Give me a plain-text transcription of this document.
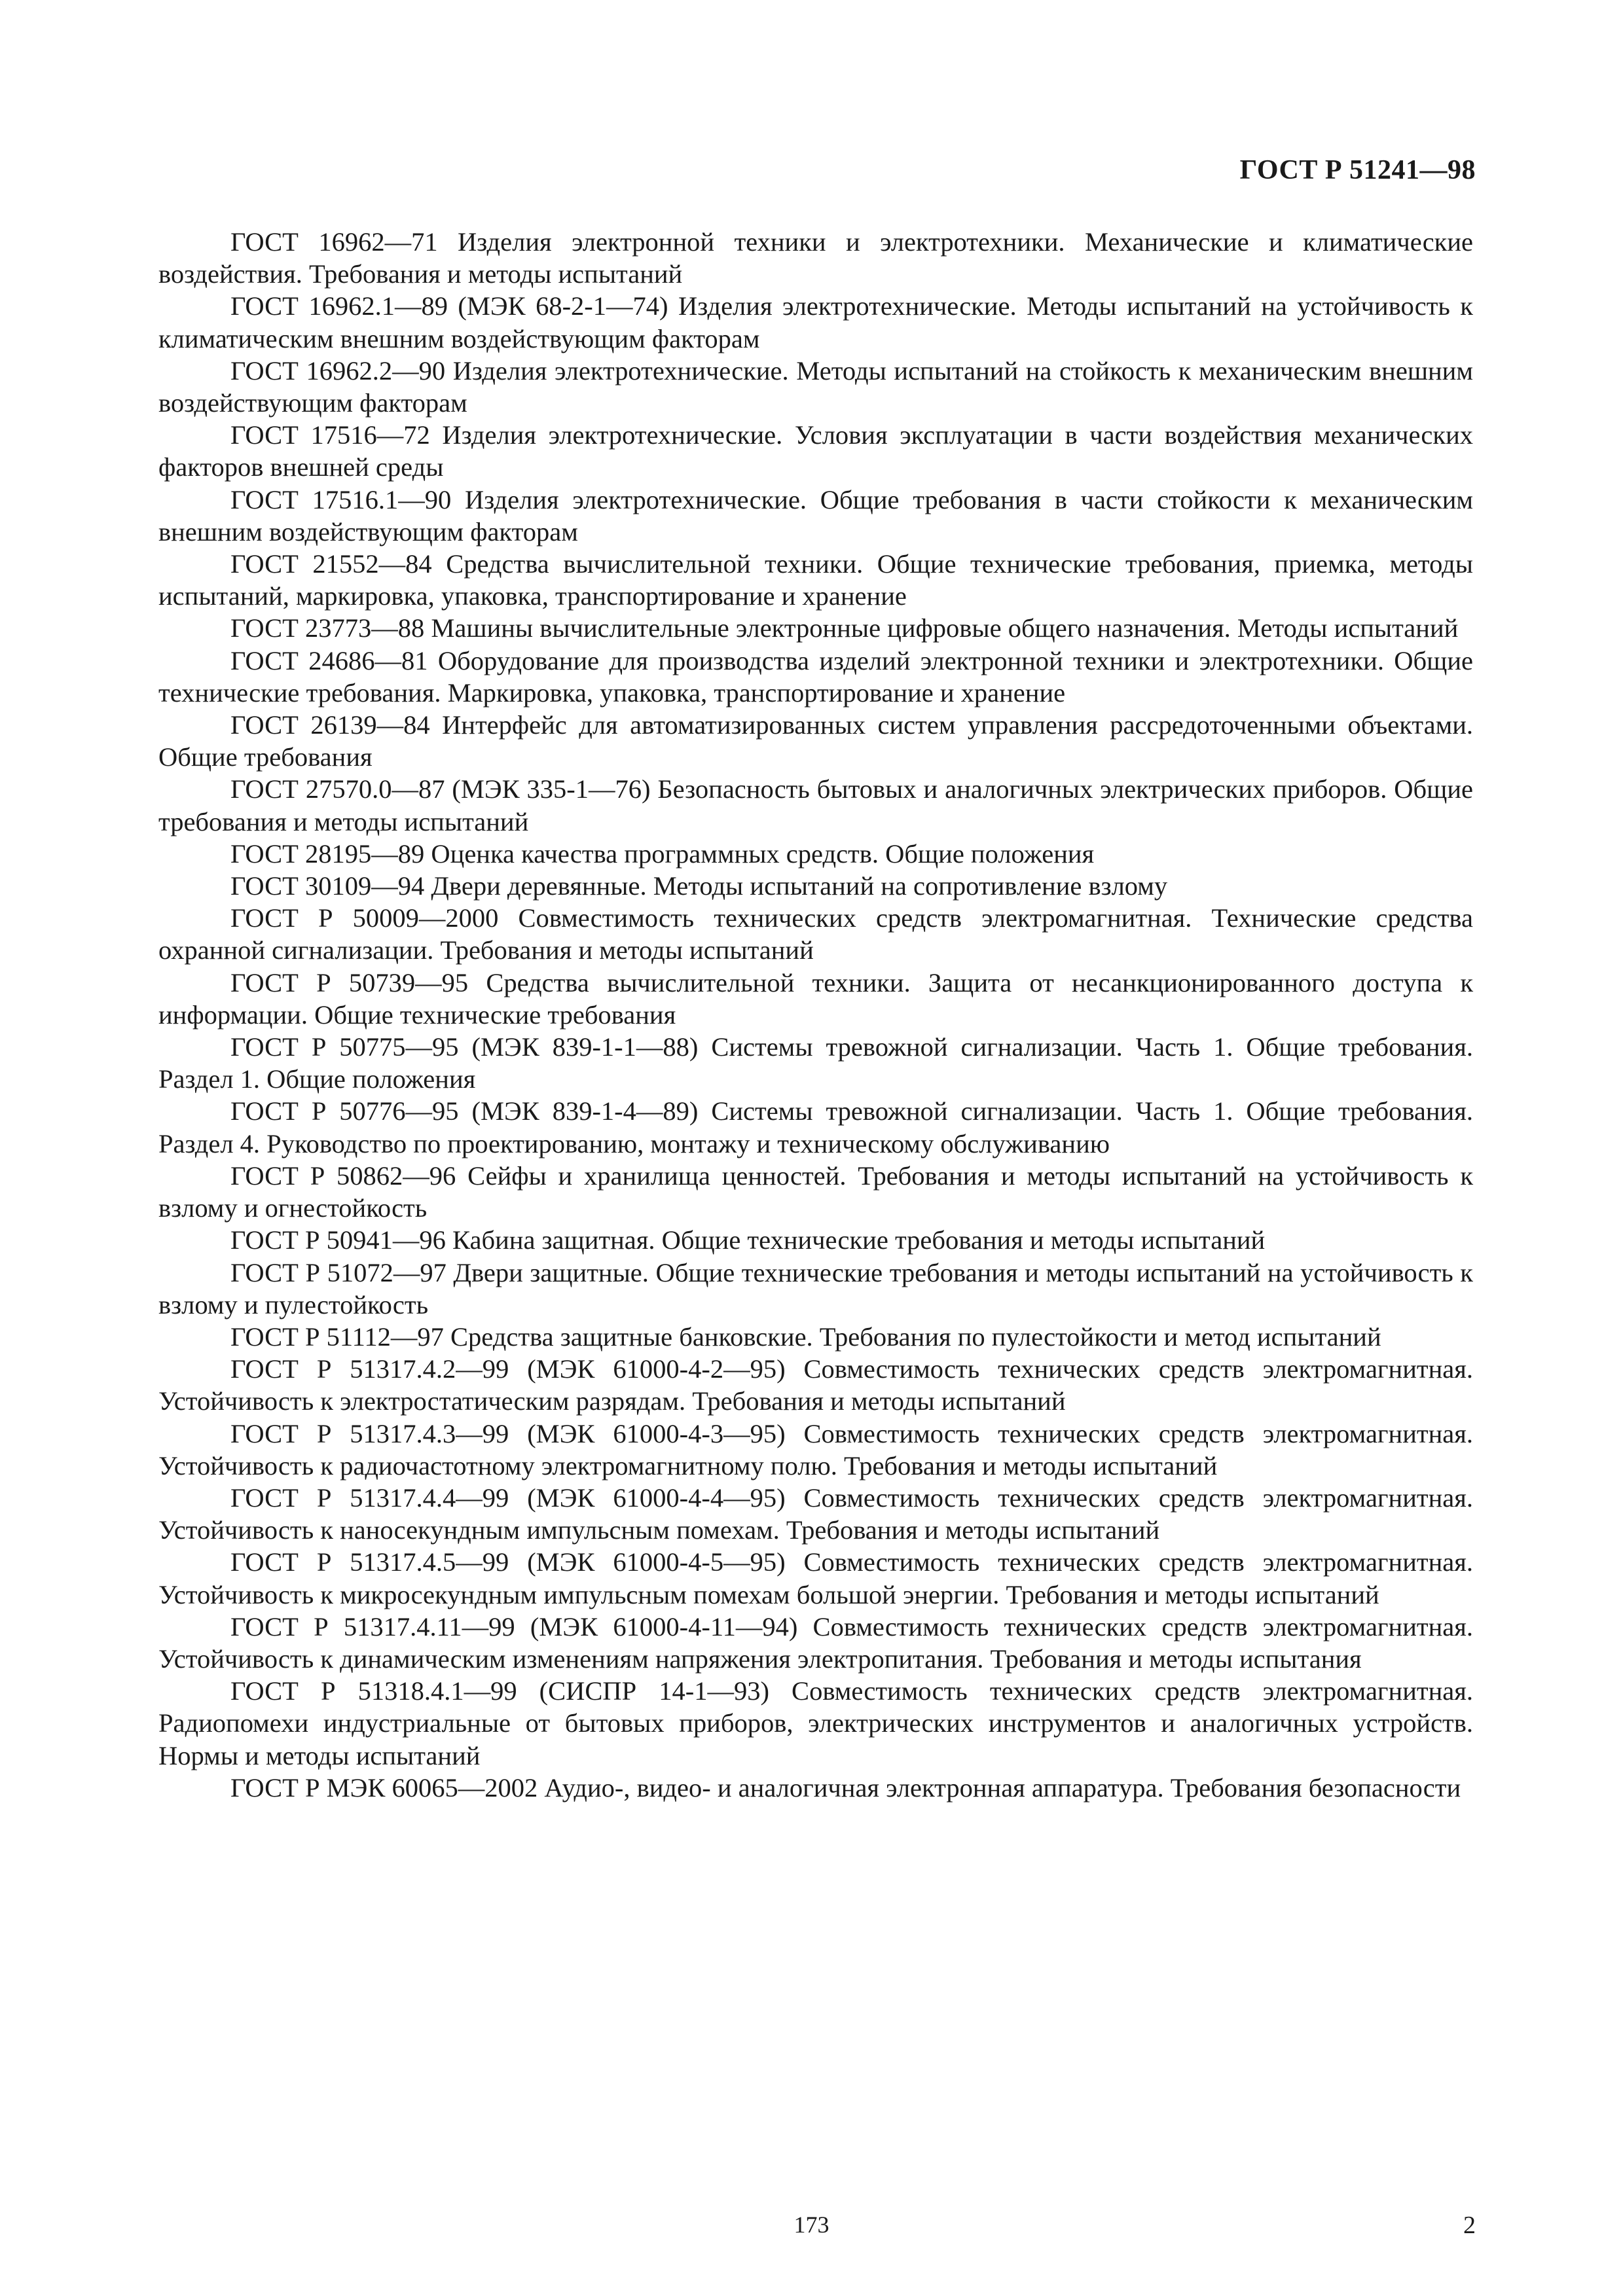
ГОСТ Р 51241—98
ГОСТ 16962—71 Изделия электронной техники и электротехники. Механические и климатические воздействия. Требования и методы испытаний
ГОСТ 16962.1—89 (МЭК 68-2-1—74) Изделия электротехнические. Методы испытаний на устойчивость к климатическим внешним воздействующим факторам
ГОСТ 16962.2—90 Изделия электротехнические. Методы испытаний на стойкость к механическим внешним воздействующим факторам
ГОСТ 17516—72 Изделия электротехнические. Условия эксплуатации в части воздействия механических факторов внешней среды
ГОСТ 17516.1—90 Изделия электротехнические. Общие требования в части стойкости к механическим внешним воздействующим факторам
ГОСТ 21552—84 Средства вычислительной техники. Общие технические требования, приемка, методы испытаний, маркировка, упаковка, транспортирование и хранение
ГОСТ 23773—88 Машины вычислительные электронные цифровые общего назначения. Методы испытаний
ГОСТ 24686—81 Оборудование для производства изделий электронной техники и электротехники. Общие технические требования. Маркировка, упаковка, транспортирование и хранение
ГОСТ 26139—84 Интерфейс для автоматизированных систем управления рассредоточенными объектами. Общие требования
ГОСТ 27570.0—87 (МЭК 335-1—76) Безопасность бытовых и аналогичных электрических приборов. Общие требования и методы испытаний
ГОСТ 28195—89 Оценка качества программных средств. Общие положения
ГОСТ 30109—94 Двери деревянные. Методы испытаний на сопротивление взлому
ГОСТ Р 50009—2000 Совместимость технических средств электромагнитная. Технические средства охранной сигнализации. Требования и методы испытаний
ГОСТ Р 50739—95 Средства вычислительной техники. Защита от несанкционированного доступа к информации. Общие технические требования
ГОСТ Р 50775—95 (МЭК 839-1-1—88) Системы тревожной сигнализации. Часть 1. Общие требования. Раздел 1. Общие положения
ГОСТ Р 50776—95 (МЭК 839-1-4—89) Системы тревожной сигнализации. Часть 1. Общие требования. Раздел 4. Руководство по проектированию, монтажу и техническому обслуживанию
ГОСТ Р 50862—96 Сейфы и хранилища ценностей. Требования и методы испытаний на устойчивость к взлому и огнестойкость
ГОСТ Р 50941—96 Кабина защитная. Общие технические требования и методы испытаний
ГОСТ Р 51072—97 Двери защитные. Общие технические требования и методы испытаний на устойчивость к взлому и пулестойкость
ГОСТ Р 51112—97 Средства защитные банковские. Требования по пулестойкости и метод испытаний
ГОСТ Р 51317.4.2—99 (МЭК 61000-4-2—95) Совместимость технических средств электромагнитная. Устойчивость к электростатическим разрядам. Требования и методы испытаний
ГОСТ Р 51317.4.3—99 (МЭК 61000-4-3—95) Совместимость технических средств электромагнитная. Устойчивость к радиочастотному электромагнитному полю. Требования и методы испытаний
ГОСТ Р 51317.4.4—99 (МЭК 61000-4-4—95) Совместимость технических средств электромагнитная. Устойчивость к наносекундным импульсным помехам. Требования и методы испытаний
ГОСТ Р 51317.4.5—99 (МЭК 61000-4-5—95) Совместимость технических средств электромагнитная. Устойчивость к микросекундным импульсным помехам большой энергии. Требования и методы испытаний
ГОСТ Р 51317.4.11—99 (МЭК 61000-4-11—94) Совместимость технических средств электромагнитная. Устойчивость к динамическим изменениям напряжения электропитания. Требования и методы испытания
ГОСТ Р 51318.4.1—99 (СИСПР 14-1—93) Совместимость технических средств электромагнитная. Радиопомехи индустриальные от бытовых приборов, электрических инструментов и аналогичных устройств. Нормы и методы испытаний
ГОСТ Р МЭК 60065—2002 Аудио-, видео- и аналогичная электронная аппаратура. Требования безопасности
173	2
